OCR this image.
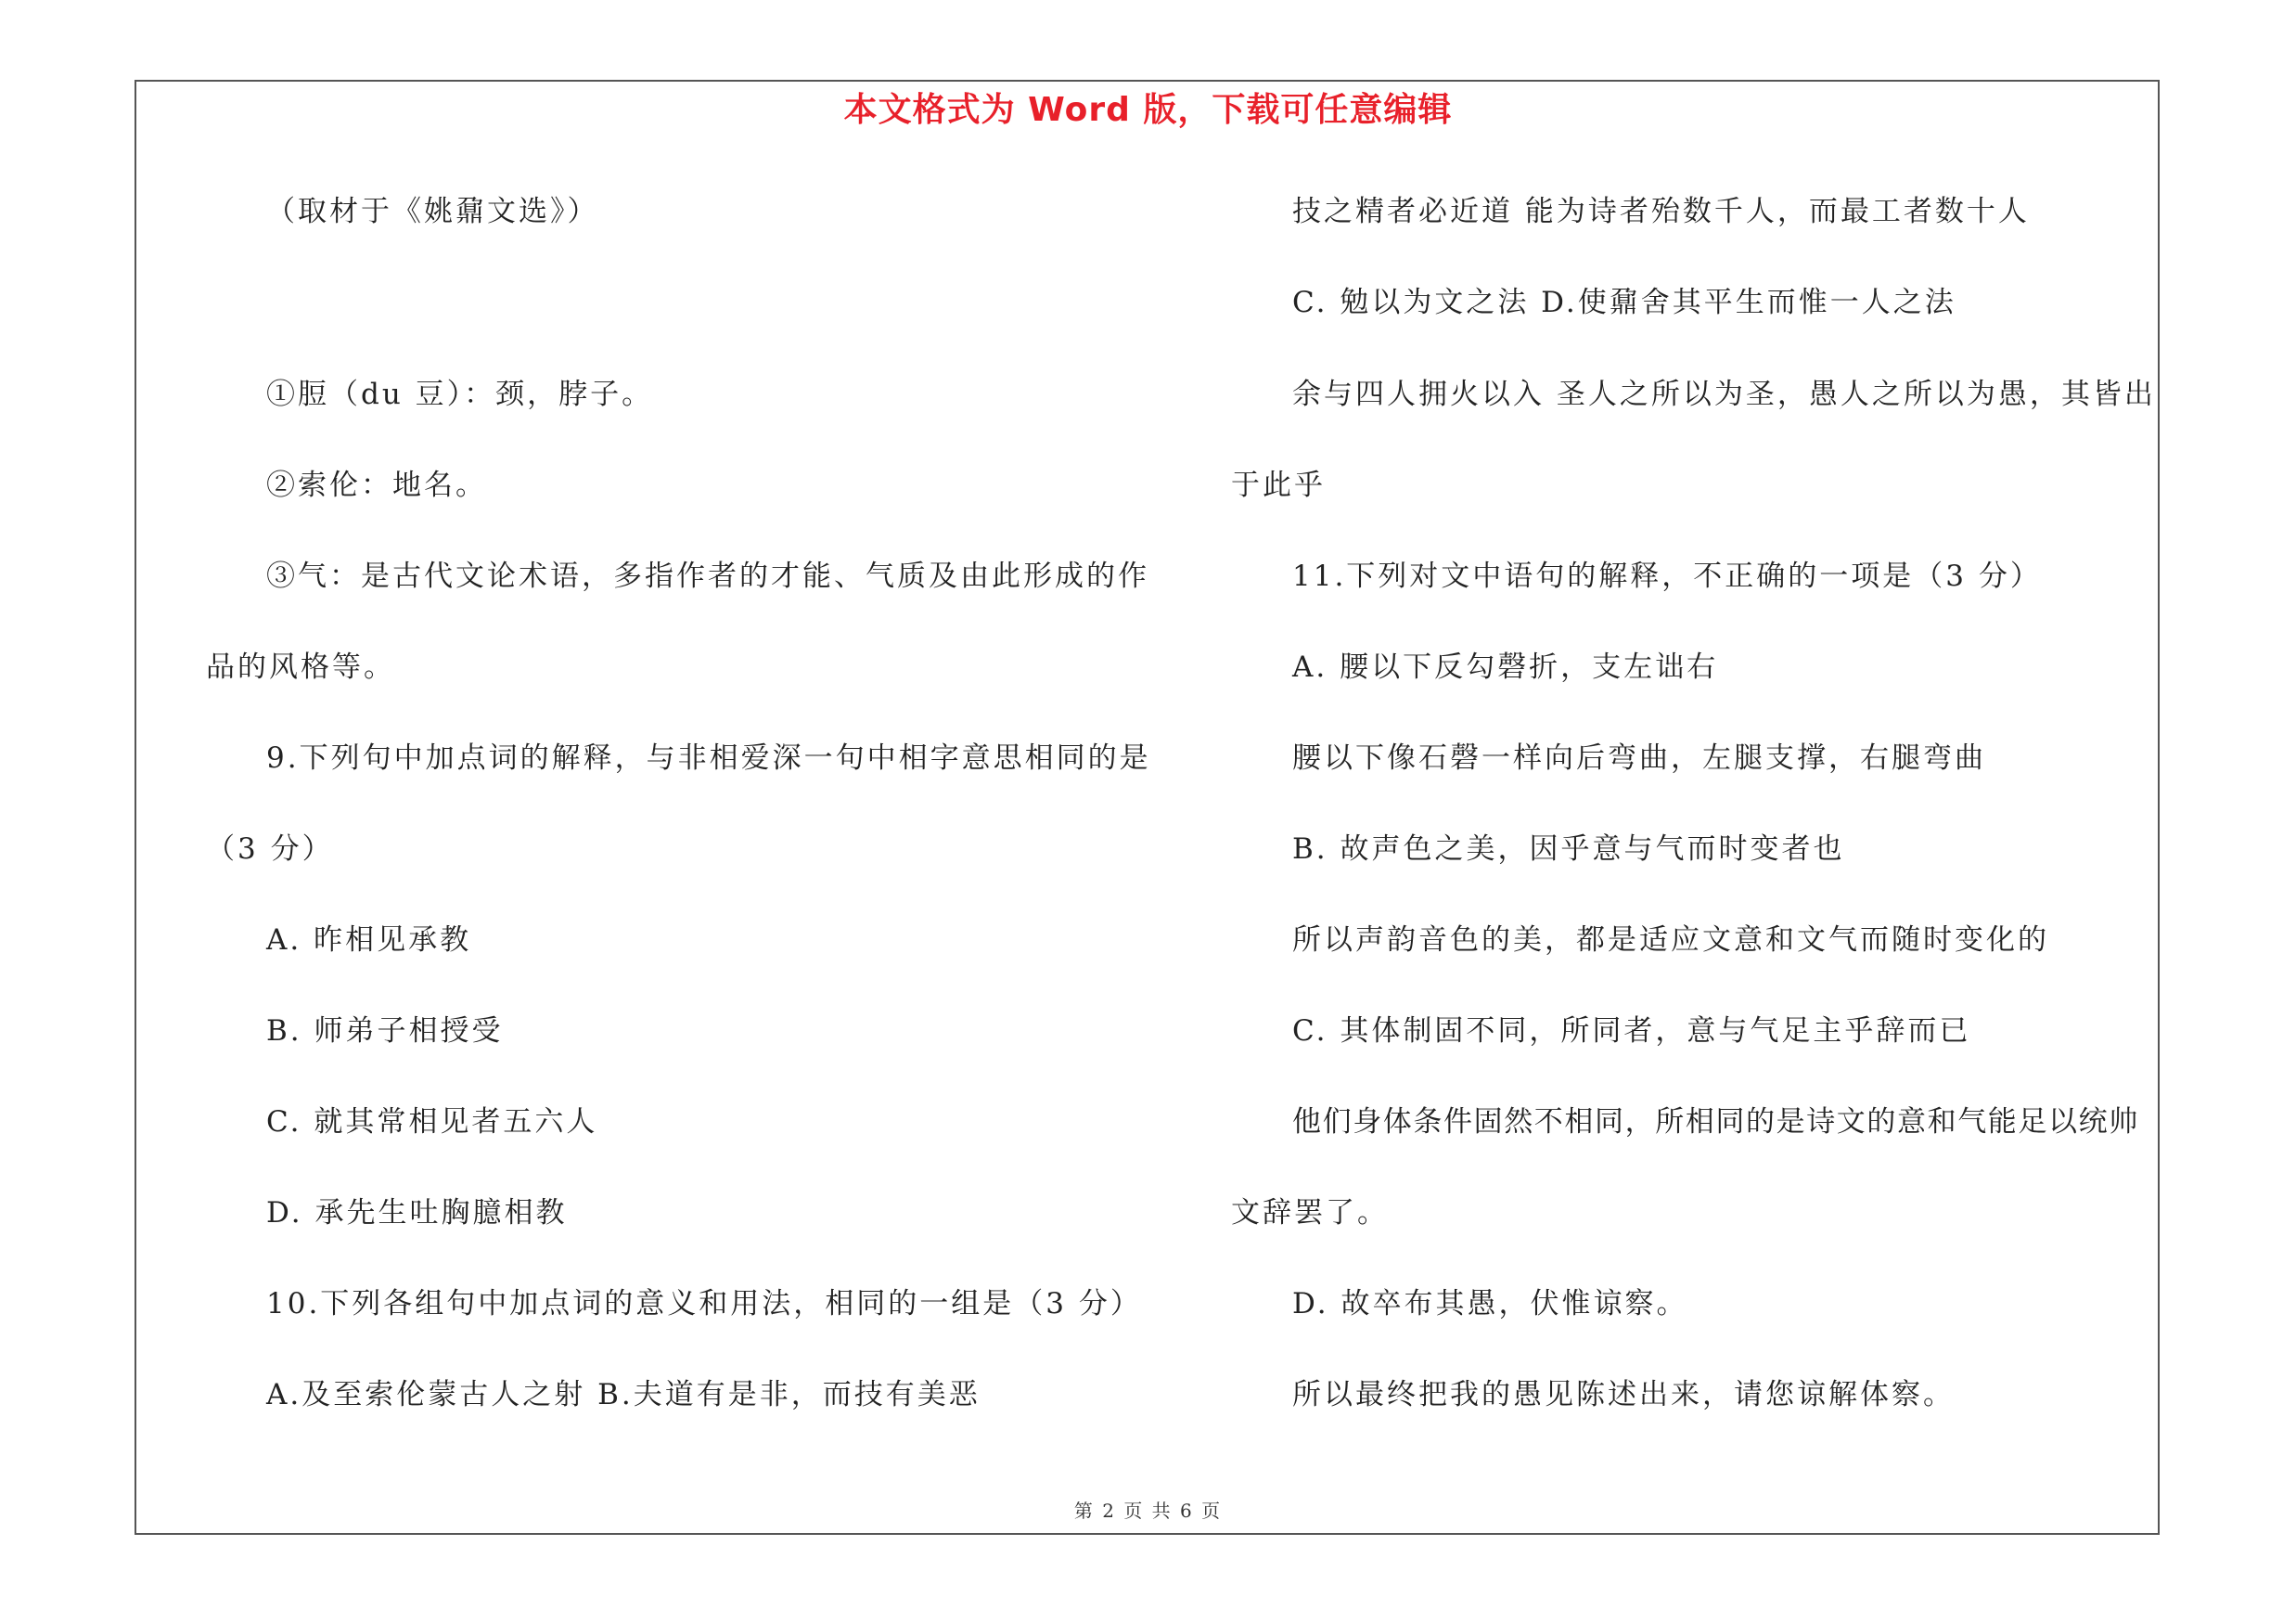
本文格式为 Word 版，下载可任意编辑
（取材于《姚鼐文选》）
①脰（du 豆）：颈，脖子。
②索伦：地名。
③气：是古代文论术语，多指作者的才能、气质及由此形成的作
品的风格等。
9.下列句中加点词的解释，与非相爱深一句中相字意思相同的是
（3 分）
A. 昨相见承教
B. 师弟子相授受
C. 就其常相见者五六人
D. 承先生吐胸臆相教
10.下列各组句中加点词的意义和用法，相同的一组是（3 分）
A.及至索伦蒙古人之射 B.夫道有是非，而技有美恶
技之精者必近道 能为诗者殆数千人，而最工者数十人
C. 勉以为文之法 D.使鼐舍其平生而惟一人之法
余与四人拥火以入 圣人之所以为圣，愚人之所以为愚，其皆出
于此乎
11.下列对文中语句的解释，不正确的一项是（3 分）
A. 腰以下反勾磬折，支左诎右
腰以下像石磬一样向后弯曲，左腿支撑，右腿弯曲
B. 故声色之美，因乎意与气而时变者也
所以声韵音色的美，都是适应文意和文气而随时变化的
C. 其体制固不同，所同者，意与气足主乎辞而已
他们身体条件固然不相同，所相同的是诗文的意和气能足以统帅
文辞罢了。
D. 故卒布其愚，伏惟谅察。
所以最终把我的愚见陈述出来，请您谅解体察。
第 2 页 共 6 页
